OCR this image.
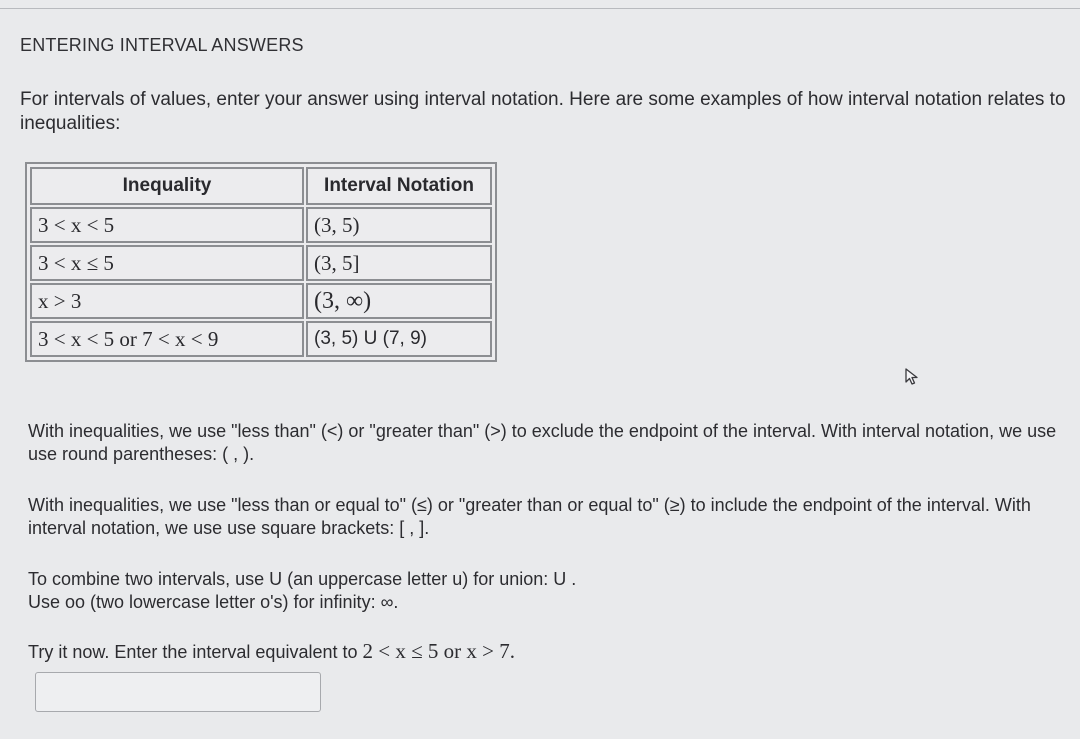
ENTERING INTERVAL ANSWERS
For intervals of values, enter your answer using interval notation. Here are some examples of how interval notation relates to inequalities:
Inequality	Interval Notation
3 < x < 5	(3, 5)
3 < x ≤ 5	(3, 5]
x > 3	(3, ∞)
3 < x < 5 or 7 < x < 9	(3, 5) U (7, 9)
With inequalities, we use "less than" (<) or "greater than" (>) to exclude the endpoint of the interval. With interval notation, we use use round parentheses: ( , ).
With inequalities, we use "less than or equal to" (≤) or "greater than or equal to" (≥) to include the endpoint of the interval. With interval notation, we use use square brackets: [ , ].
To combine two intervals, use U (an uppercase letter u) for union: U .
Use oo (two lowercase letter o's) for infinity: ∞.
Try it now. Enter the interval equivalent to 2 < x ≤ 5 or x > 7.
